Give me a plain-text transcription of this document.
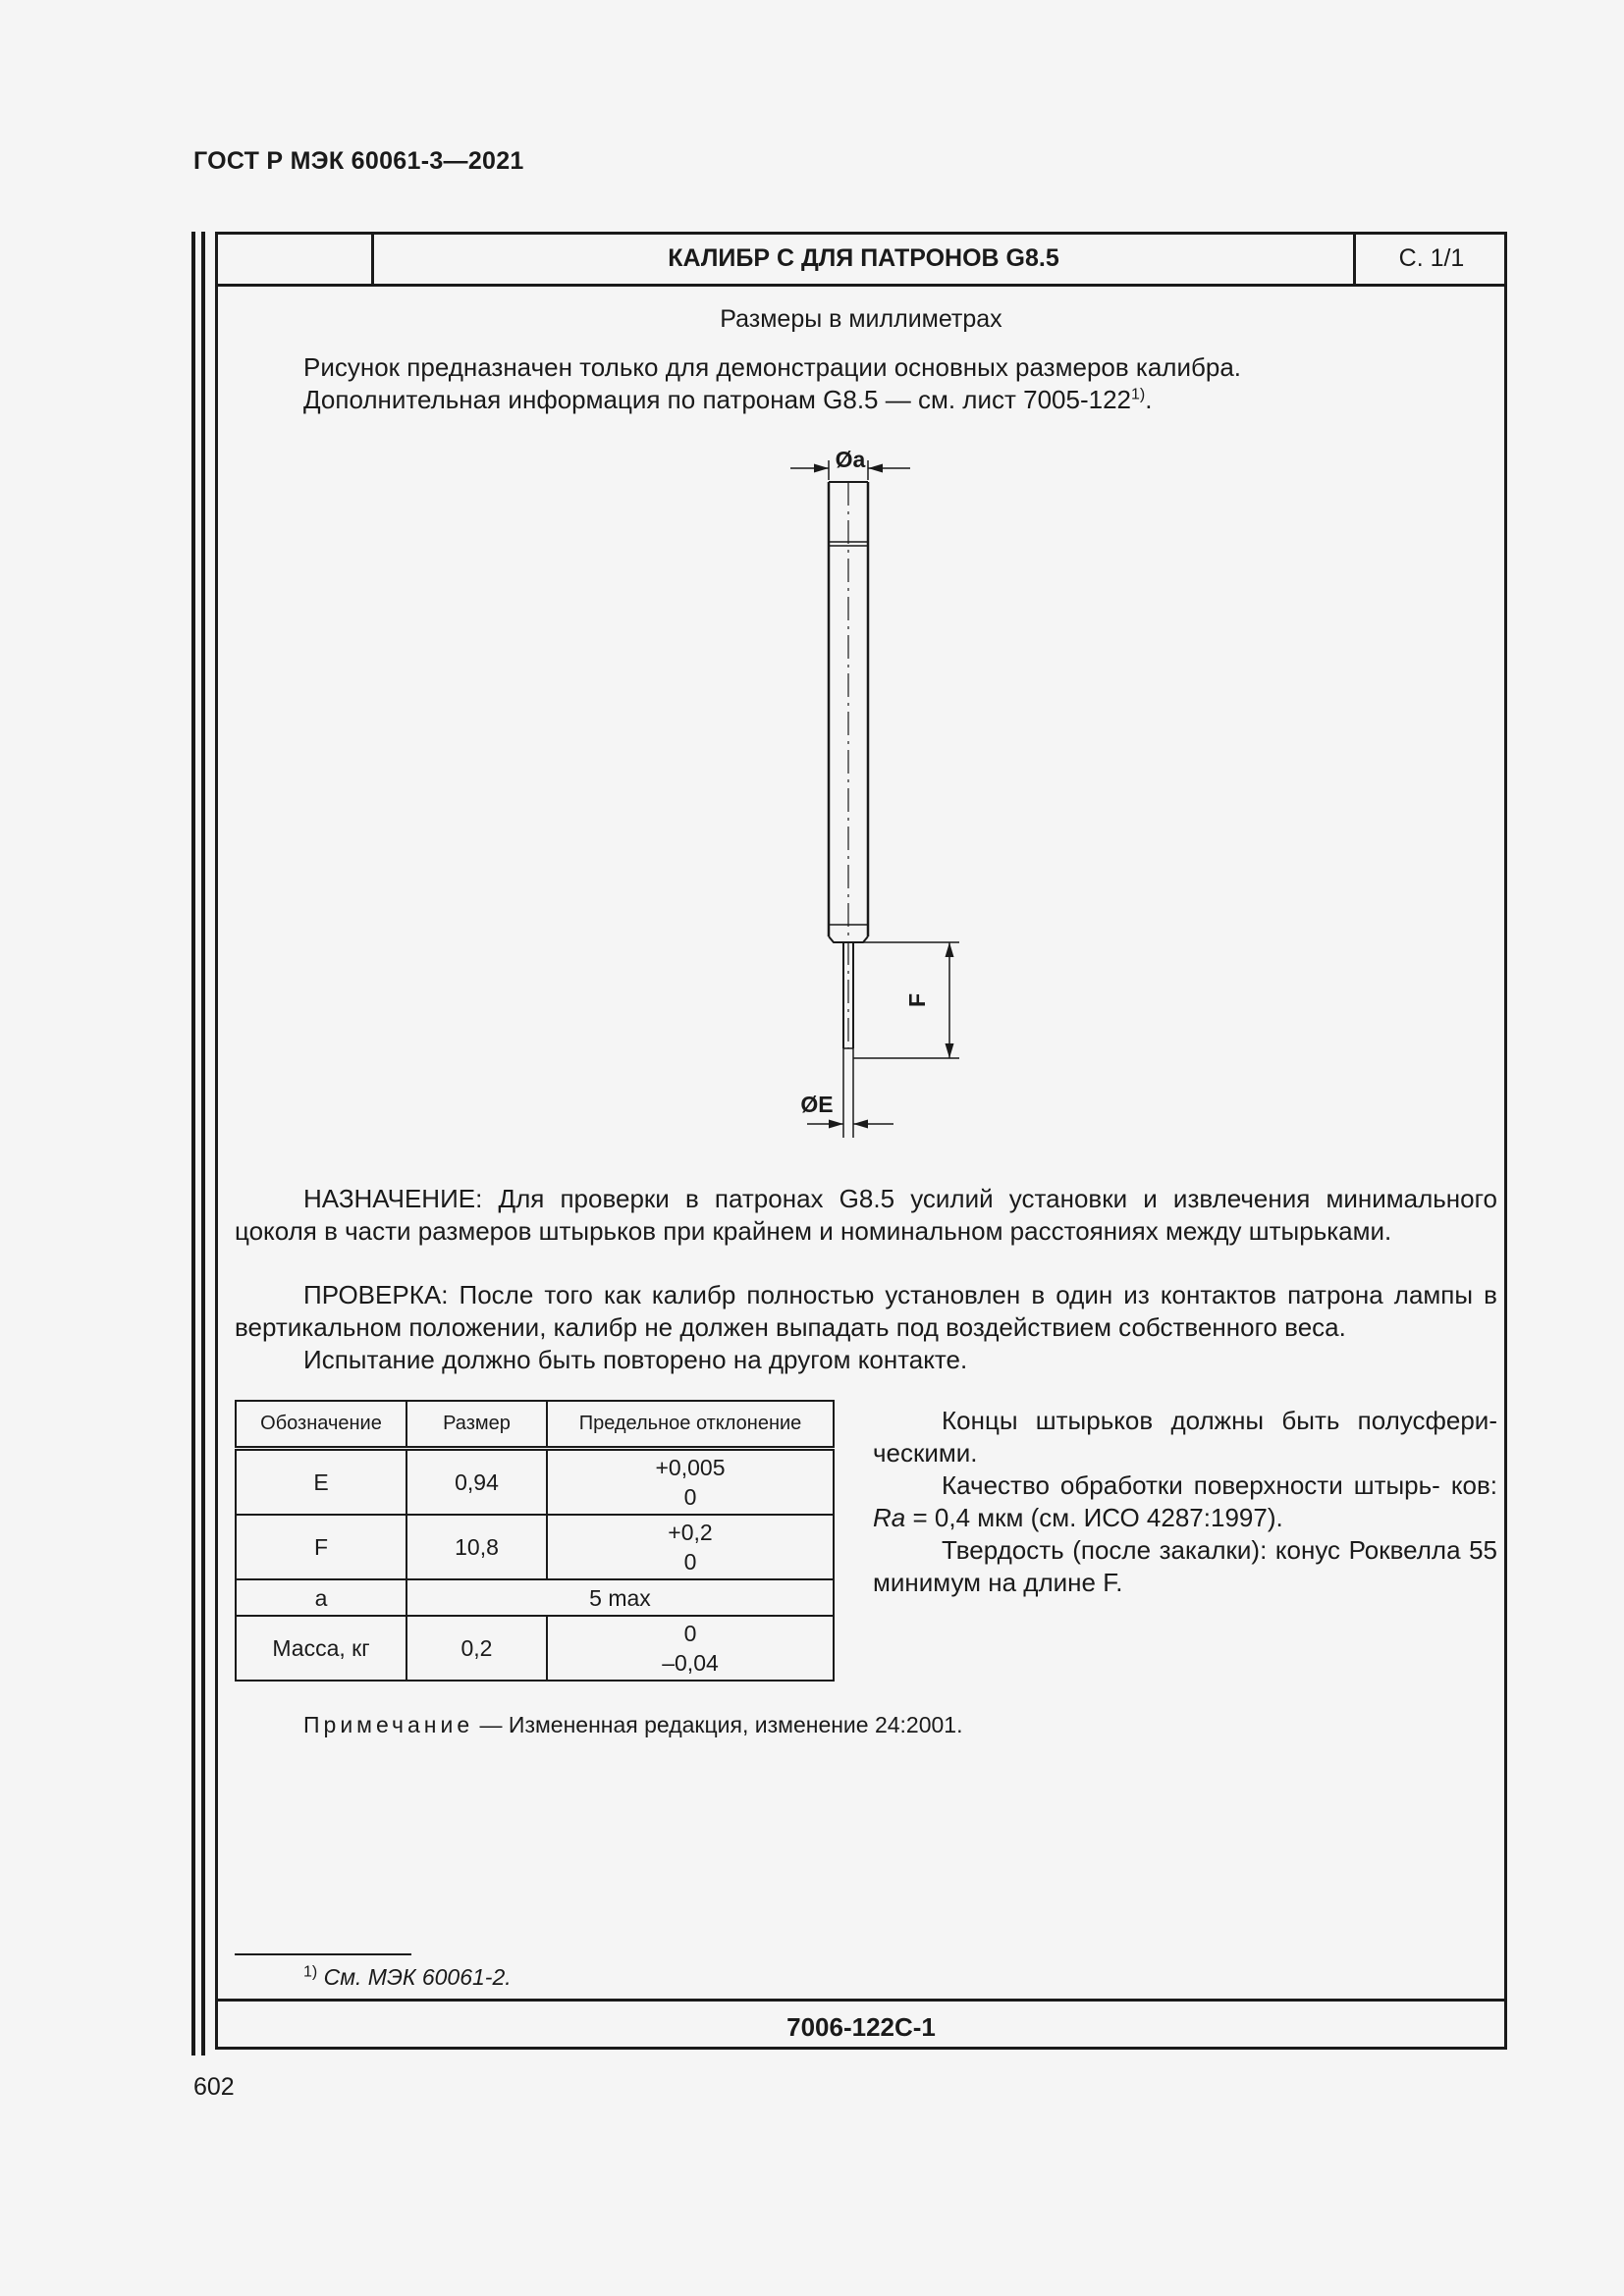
ГОСТ Р МЭК 60061-3—2021
КАЛИБР С ДЛЯ ПАТРОНОВ G8.5	С. 1/1
Размеры в миллиметрах
Рисунок предназначен только для демонстрации основных размеров калибра.
Дополнительная информация по патронам G8.5 — см. лист 7005-122$^{1)}$.
Øa
F
ØE
НАЗНАЧЕНИЕ: Для проверки в патронах G8.5 усилий установки и извлечения минимального цоколя в части размеров штырьков при крайнем и номинальном расстояниях между штырьками.
ПРОВЕРКА: После того как калибр полностью установлен в один из контактов патрона лампы в вертикальном положении, калибр не должен выпадать под воздействием собственного веса.
Испытание должно быть повторено на другом контакте.
Обозначение	Размер	Предельное отклонение
E	0,94	+0,005
0

F	10,8	+0,2
0

a	5 max	
Масса, кг	0,2	0
–0,04
Концы штырьков должны быть полусфери- ческими.
Качество обработки поверхности штырь- ков: Ra = 0,4 мкм (см. ИСО 4287:1997).
Твердость (после закалки): конус Роквелла 55 минимум на длине F.
Примечание — Измененная редакция, изменение 24:2001.
$^{1)}$ См. МЭК 60061-2.
7006-122С-1
602
